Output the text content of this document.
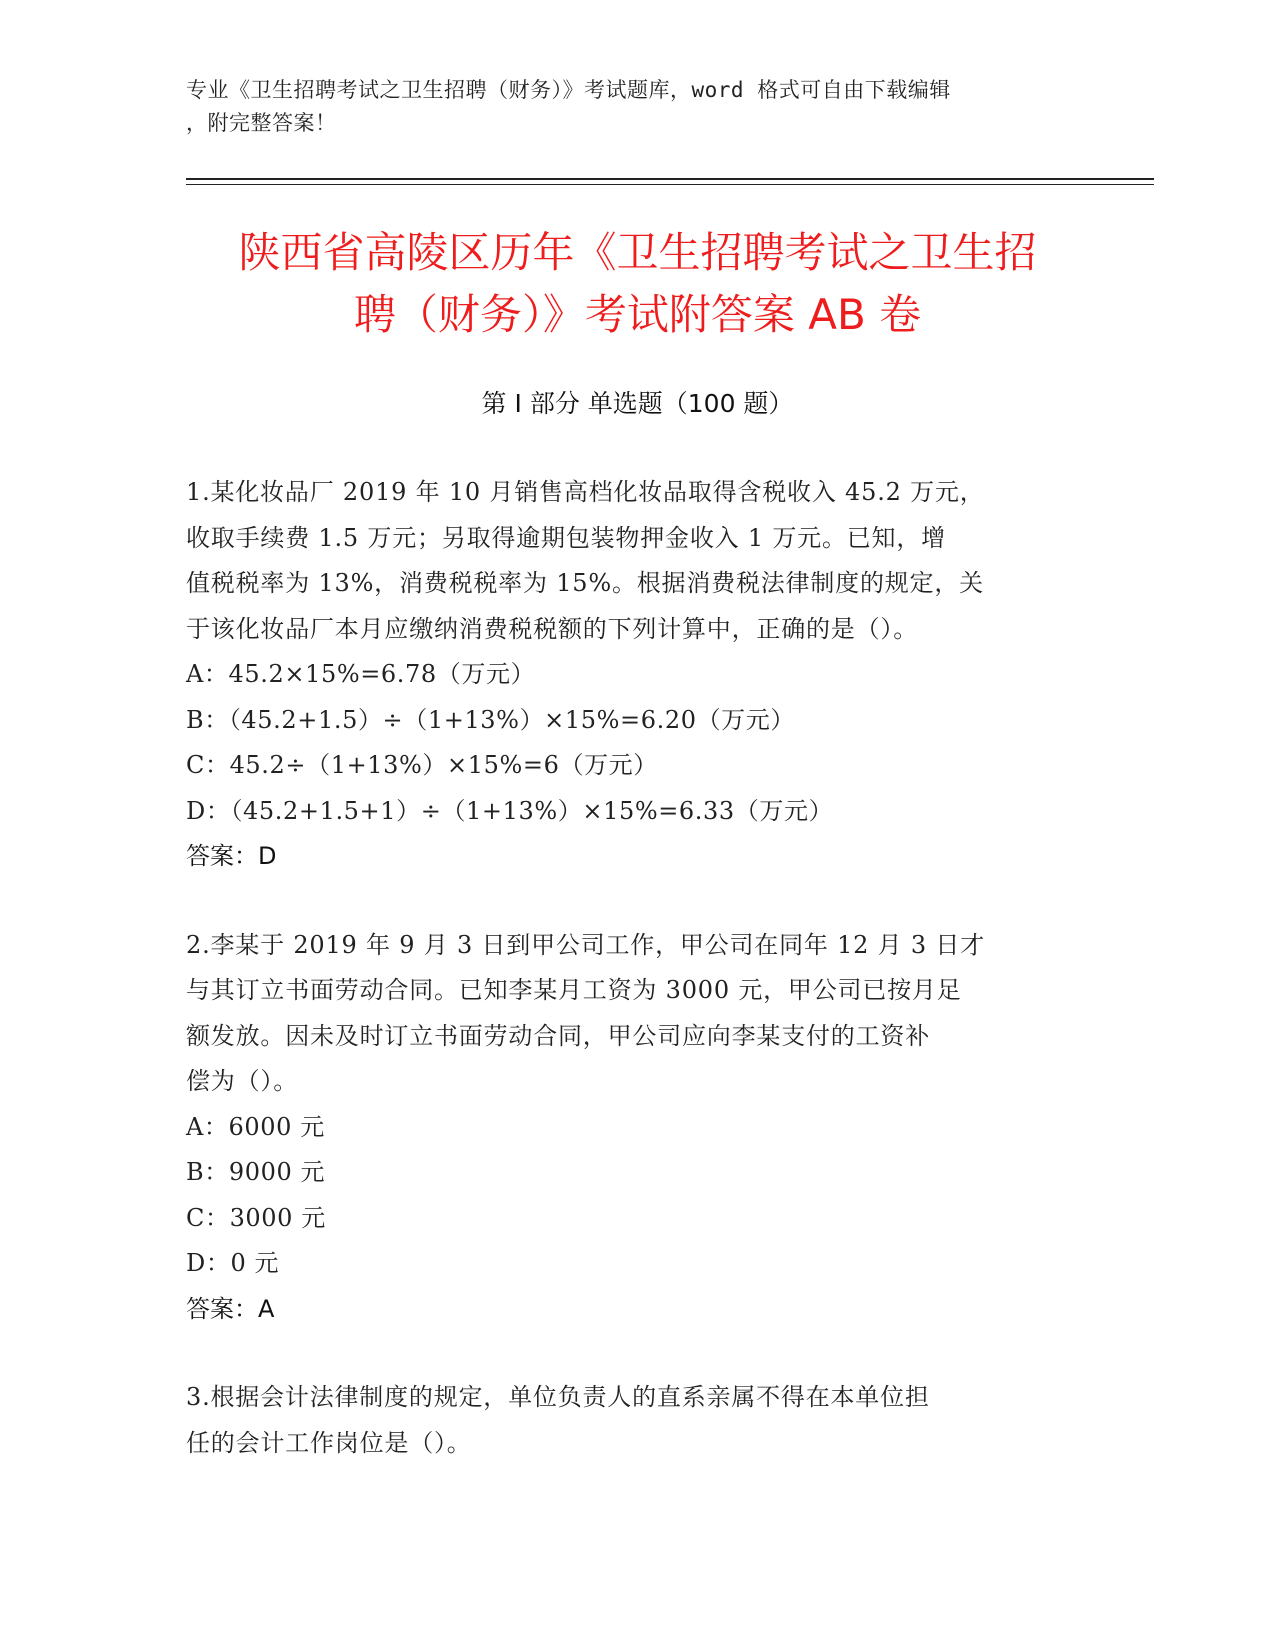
专业《卫生招聘考试之卫生招聘（财务）》考试题库，word 格式可自由下载编辑
，附完整答案！
陕西省高陵区历年《卫生招聘考试之卫生招
聘（财务）》考试附答案 AB 卷
第 I 部分 单选题（100 题）
1.某化妆品厂 2019 年 10 月销售高档化妆品取得含税收入 45.2 万元，
收取手续费 1.5 万元；另取得逾期包装物押金收入 1 万元。已知，增
值税税率为 13%，消费税税率为 15%。根据消费税法律制度的规定，关
于该化妆品厂本月应缴纳消费税税额的下列计算中，正确的是（）。
A：45.2×15%=6.78（万元）
B：（45.2+1.5）÷（1+13%）×15%=6.20（万元）
C：45.2÷（1+13%）×15%=6（万元）
D：（45.2+1.5+1）÷（1+13%）×15%=6.33（万元）
答案：D
2.李某于 2019 年 9 月 3 日到甲公司工作，甲公司在同年 12 月 3 日才
与其订立书面劳动合同。已知李某月工资为 3000 元，甲公司已按月足
额发放。因未及时订立书面劳动合同，甲公司应向李某支付的工资补
偿为（）。
A：6000 元
B：9000 元
C：3000 元
D：0 元
答案：A
3.根据会计法律制度的规定，单位负责人的直系亲属不得在本单位担
任的会计工作岗位是（）。
